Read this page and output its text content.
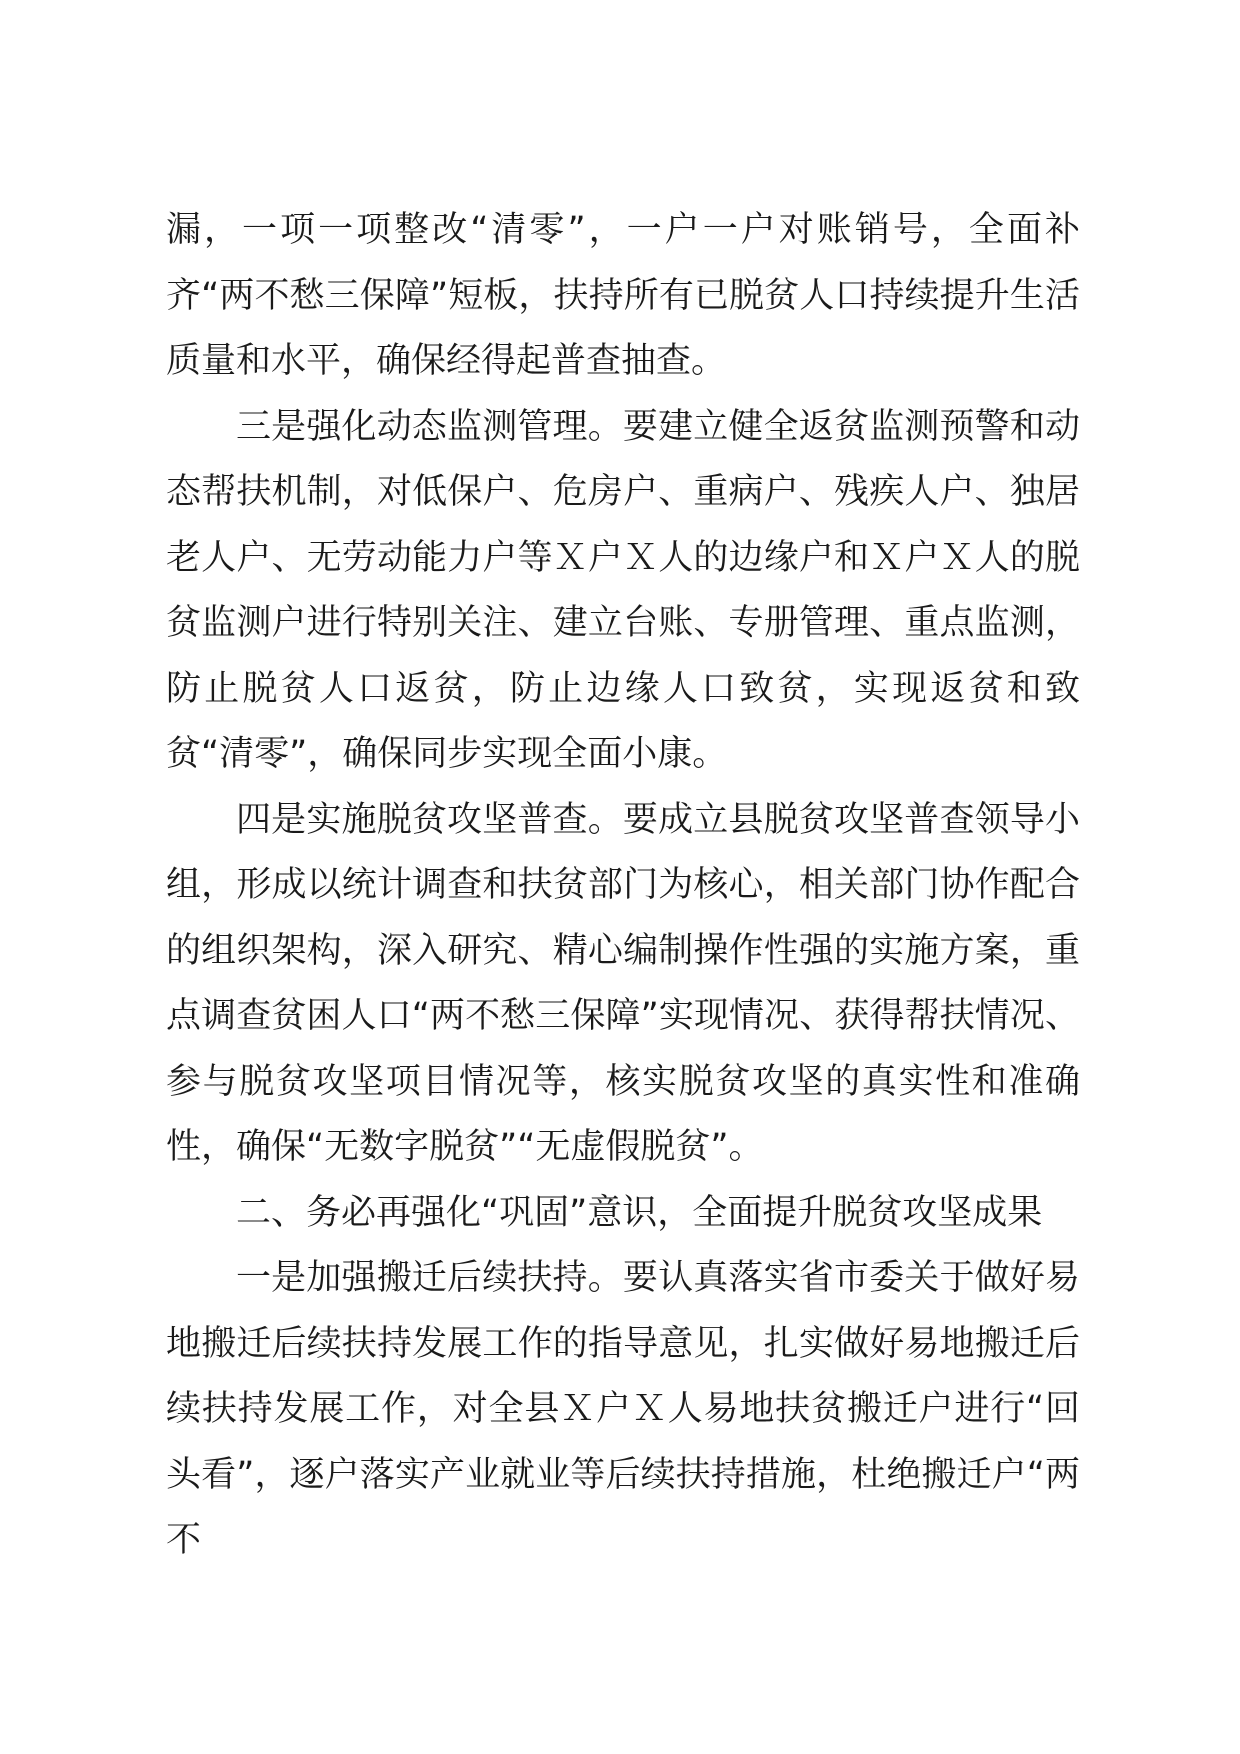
漏，一项一项整改“清零”，一户一户对账销号，全面补齐“两不愁三保障”短板，扶持所有已脱贫人口持续提升生活质量和水平，确保经得起普查抽查。

三是强化动态监测管理。要建立健全返贫监测预警和动态帮扶机制，对低保户、危房户、重病户、残疾人户、独居老人户、无劳动能力户等Ｘ户Ｘ人的边缘户和Ｘ户Ｘ人的脱贫监测户进行特别关注、建立台账、专册管理、重点监测，防止脱贫人口返贫，防止边缘人口致贫，实现返贫和致贫“清零”，确保同步实现全面小康。

四是实施脱贫攻坚普查。要成立县脱贫攻坚普查领导小组，形成以统计调查和扶贫部门为核心，相关部门协作配合的组织架构，深入研究、精心编制操作性强的实施方案，重点调查贫困人口“两不愁三保障”实现情况、获得帮扶情况、参与脱贫攻坚项目情况等，核实脱贫攻坚的真实性和准确性，确保“无数字脱贫”“无虚假脱贫”。

二、务必再强化“巩固”意识，全面提升脱贫攻坚成果

一是加强搬迁后续扶持。要认真落实省市委关于做好易地搬迁后续扶持发展工作的指导意见，扎实做好易地搬迁后续扶持发展工作，对全县Ｘ户Ｘ人易地扶贫搬迁户进行“回头看”，逐户落实产业就业等后续扶持措施，杜绝搬迁户“两不
